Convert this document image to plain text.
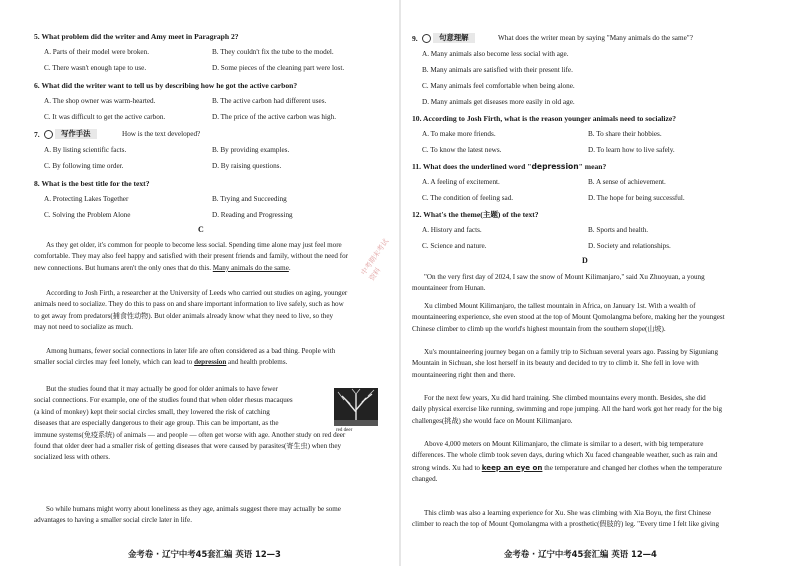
5. What problem did the writer and Amy meet in Paragraph 2?
A. Parts of their model were broken.	B. They couldn't fix the tube to the model.
C. There wasn't enough tape to use.	D. Some pieces of the cleaning part were lost.
6. What did the writer want to tell us by describing how he got the active carbon?
A. The shop owner was warm-hearted.	B. The active carbon had different uses.
C. It was difficult to get the active carbon.	D. The price of the active carbon was high.
7.	写作手法	How is the text developed?
A. By listing scientific facts.	B. By providing examples.
C. By following time order.	D. By raising questions.
8. What is the best title for the text?
A. Protecting Lakes Together	B. Trying and Succeeding
C. Solving the Problem Alone	D. Reading and Progressing
C
As they get older, it's common for people to become less social. Spending time alone may just feel more
comfortable. They may also feel happy and satisfied with their present friends and family, without the need for
new connections. But humans aren't the only ones that do this. Many animals do the same.
According to Josh Firth, a researcher at the University of Leeds who carried out studies on aging, younger
animals need to socialize. They do this to pass on and share important information to live safely, such as how
to get away from predators(捕食性动物). But older animals already know what they need to live, so they
may not need to socialize as much.
Among humans, fewer social connections in later life are often considered as a bad thing. People with
smaller social circles may feel lonely, which can lead to depression and health problems.
But the studies found that it may actually be good for older animals to have fewer
social connections. For example, one of the studies found that when older rhesus macaques
(a kind of monkey) kept their social circles small, they lowered the risk of catching
diseases that are especially dangerous to their age group. This can be important, as the
immune systems(免疫系统) of animals — and people — often get worse with age. Another study on red deer
found that older deer had a smaller risk of getting diseases that were caused by parasites(寄生虫) when they
socialized less with others.
red deer
So while humans might worry about loneliness as they age, animals suggest there may actually be some
advantages to having a smaller social circle later in life.
金考卷 · 辽宁中考45套汇编 英语 12—3
中考期末考试资料
9.	句意理解	What does the writer mean by saying "Many animals do the same"?
A. Many animals also become less social with age.
B. Many animals are satisfied with their present life.
C. Many animals feel comfortable when being alone.
D. Many animals get diseases more easily in old age.
10. According to Josh Firth, what is the reason younger animals need to socialize?
A. To make more friends.	B. To share their hobbies.
C. To know the latest news.	D. To learn how to live safely.
11. What does the underlined word "depression" mean?
A. A feeling of excitement.	B. A sense of achievement.
C. The condition of feeling sad.	D. The hope for being successful.
12. What's the theme(主题) of the text?
A. History and facts.	B. Sports and health.
C. Science and nature.	D. Society and relationships.
D
"On the very first day of 2024, I saw the snow of Mount Kilimanjaro," said Xu Zhuoyuan, a young
mountaineer from Hunan.
Xu climbed Mount Kilimanjaro, the tallest mountain in Africa, on January 1st. With a wealth of
mountaineering experience, she even stood at the top of Mount Qomolangma before, making her the youngest
Chinese climber to climb up the world's highest mountain from the southern slope(山坡).
Xu's mountaineering journey began on a family trip to Sichuan several years ago. Passing by Siguniang
Mountain in Sichuan, she lost herself in its beauty and decided to try to climb it. She fell in love with
mountaineering right then and there.
For the next few years, Xu did hard training. She climbed mountains every month. Besides, she did
daily physical exercise like running, swimming and rope jumping. All the hard work got her ready for the big
challenges(挑战) she would face on Mount Kilimanjaro.
Above 4,000 meters on Mount Kilimanjaro, the climate is similar to a desert, with big temperature
differences. The whole climb took seven days, during which Xu faced changeable weather, such as rain and
strong winds. Xu had to keep an eye on the temperature and changed her clothes when the temperature
changed.
This climb was also a learning experience for Xu. She was climbing with Xia Boyu, the first Chinese
climber to reach the top of Mount Qomolangma with a prosthetic(假肢的) leg. "Every time I felt like giving
金考卷 · 辽宁中考45套汇编 英语 12—4
